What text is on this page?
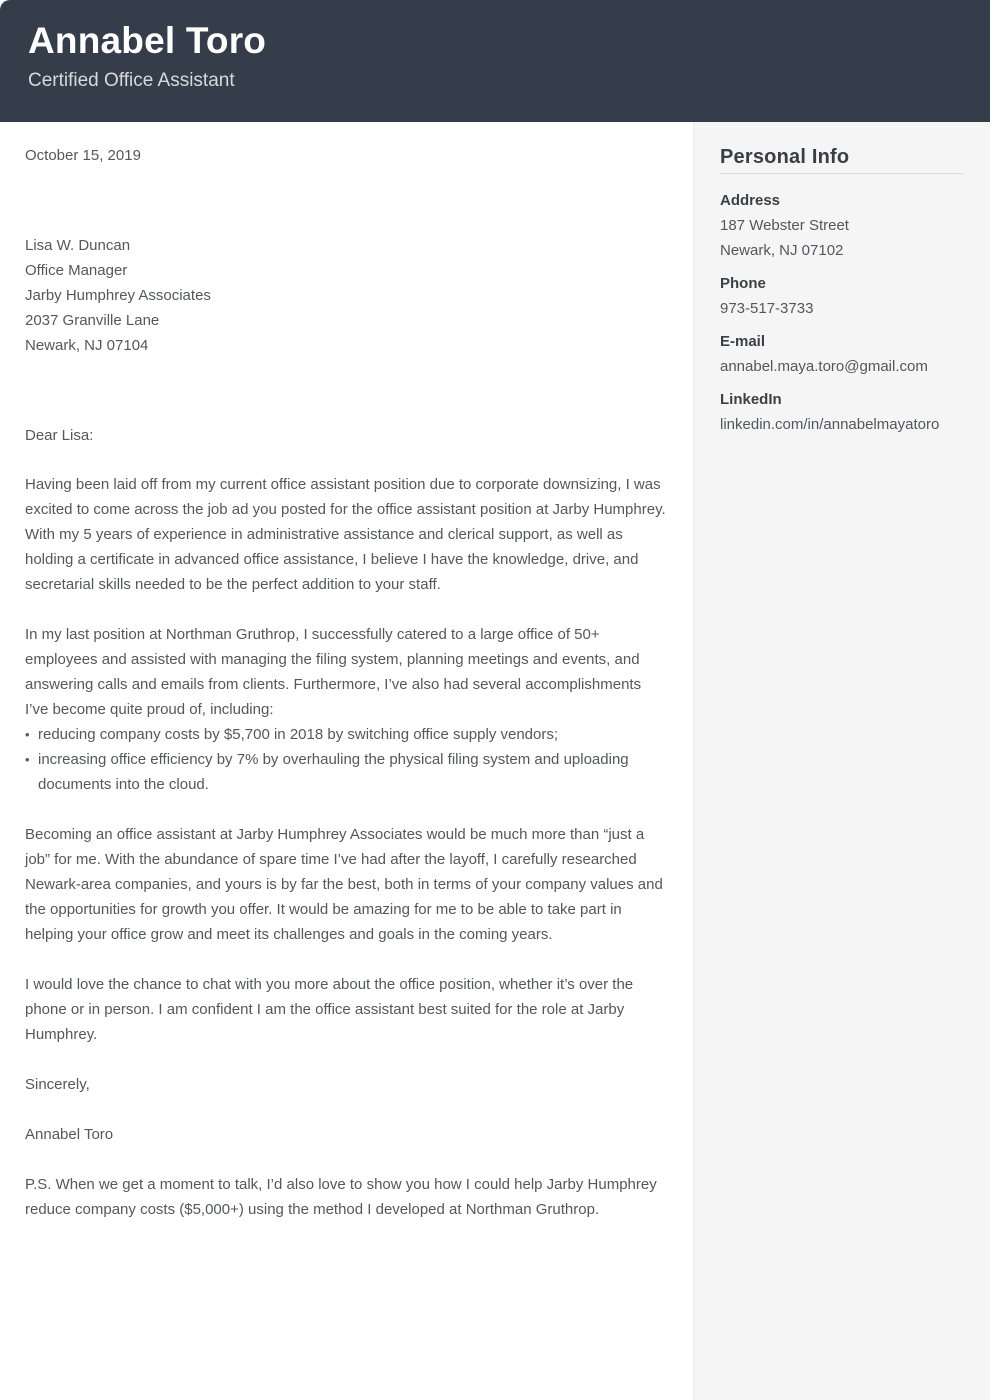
Annabel Toro
Certified Office Assistant
October 15, 2019
Lisa W. Duncan
Office Manager
Jarby Humphrey Associates
2037 Granville Lane
Newark, NJ 07104
Dear Lisa:

Having been laid off from my current office assistant position due to corporate downsizing, I was excited to come across the job ad you posted for the office assistant position at Jarby Humphrey. With my 5 years of experience in administrative assistance and clerical support, as well as holding a certificate in advanced office assistance, I believe I have the knowledge, drive, and secretarial skills needed to be the perfect addition to your staff.

In my last position at Northman Gruthrop, I successfully catered to a large office of 50+ employees and assisted with managing the filing system, planning meetings and events, and answering calls and emails from clients. Furthermore, I’ve also had several accomplishments I’ve become quite proud of, including:

• reducing company costs by $5,700 in 2018 by switching office supply vendors;
• increasing office efficiency by 7% by overhauling the physical filing system and uploading documents into the cloud.

Becoming an office assistant at Jarby Humphrey Associates would be much more than “just a job” for me. With the abundance of spare time I’ve had after the layoff, I carefully researched Newark-area companies, and yours is by far the best, both in terms of your company values and the opportunities for growth you offer. It would be amazing for me to be able to take part in helping your office grow and meet its challenges and goals in the coming years.

I would love the chance to chat with you more about the office position, whether it’s over the phone or in person. I am confident I am the office assistant best suited for the role at Jarby Humphrey.

Sincerely,
Annabel Toro

P.S. When we get a moment to talk, I’d also love to show you how I could help Jarby Humphrey reduce company costs ($5,000+) using the method I developed at Northman Gruthrop.

Personal Info
Address
187 Webster Street
Newark, NJ 07102
Phone
973-517-3733
E-mail
annabel.maya.toro@gmail.com
LinkedIn
linkedin.com/in/annabelmayatoro
